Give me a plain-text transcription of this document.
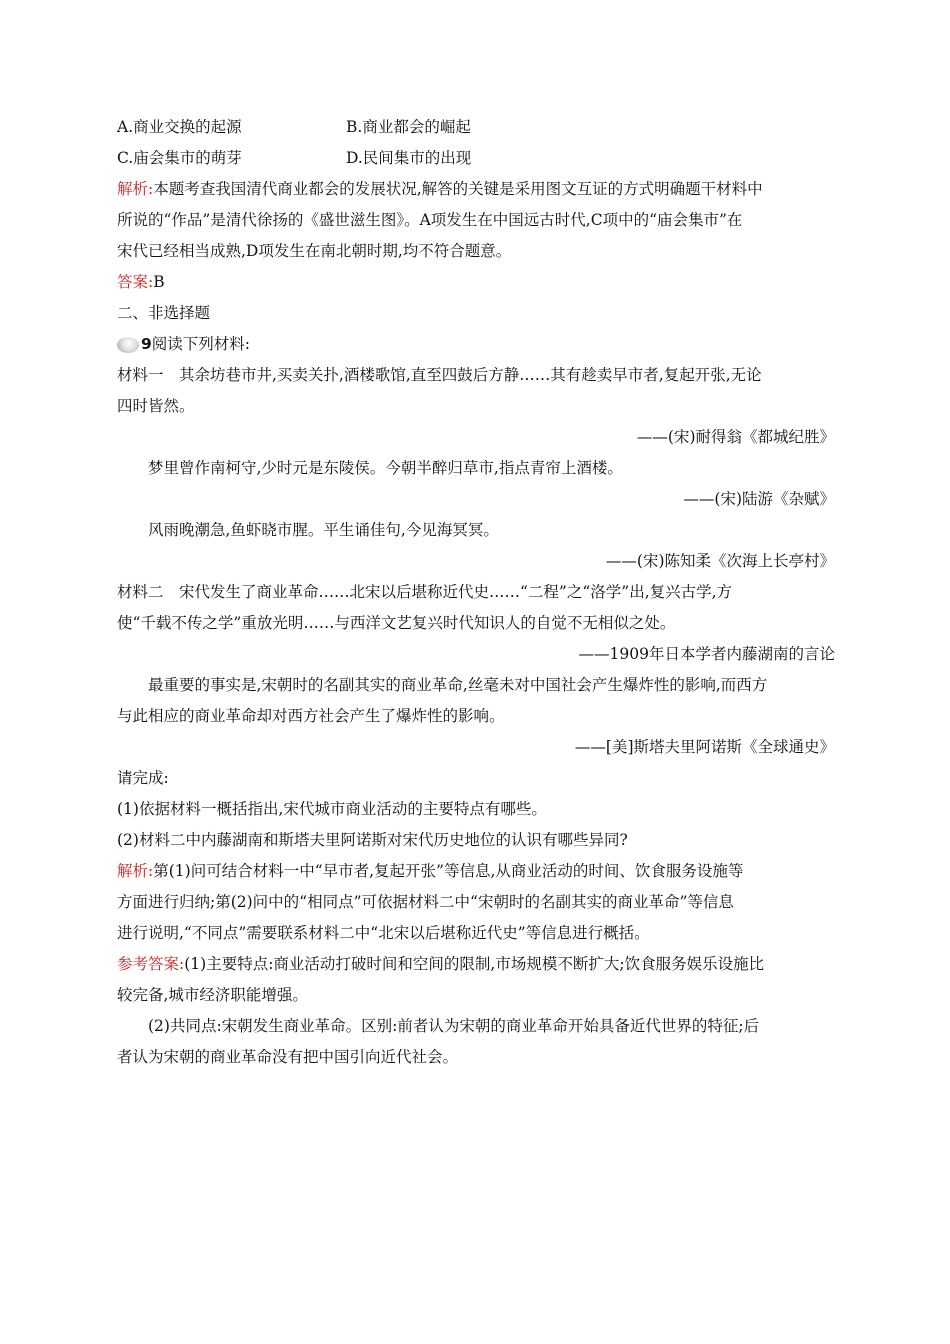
A.商业交换的起源	B.商业都会的崛起
C.庙会集市的萌芽	D.民间集市的出现
解析:本题考查我国清代商业都会的发展状况,解答的关键是采用图文互证的方式明确题干材料中
所说的“作品”是清代徐扬的《盛世滋生图》。A项发生在中国远古时代,C项中的“庙会集市”在
宋代已经相当成熟,D项发生在南北朝时期,均不符合题意。
答案:B
二、非选择题
9 阅读下列材料:
材料一　其余坊巷市井,买卖关扑,酒楼歌馆,直至四鼓后方静……其有趁卖早市者,复起开张,无论
四时皆然。
——(宋)耐得翁《都城纪胜》
梦里曾作南柯守,少时元是东陵侯。今朝半醉归草市,指点青帘上酒楼。
——(宋)陆游《杂赋》
风雨晚潮急,鱼虾晓市腥。平生诵佳句,今见海冥冥。
——(宋)陈知柔《次海上长亭村》
材料二　宋代发生了商业革命……北宋以后堪称近代史……“二程”之“洛学”出,复兴古学,方
使“千载不传之学”重放光明……与西洋文艺复兴时代知识人的自觉不无相似之处。
——1909年日本学者内藤湖南的言论
最重要的事实是,宋朝时的名副其实的商业革命,丝毫未对中国社会产生爆炸性的影响,而西方
与此相应的商业革命却对西方社会产生了爆炸性的影响。
——[美]斯塔夫里阿诺斯《全球通史》
请完成:
(1)依据材料一概括指出,宋代城市商业活动的主要特点有哪些。
(2)材料二中内藤湖南和斯塔夫里阿诺斯对宋代历史地位的认识有哪些异同?
解析:第(1)问可结合材料一中“早市者,复起开张”等信息,从商业活动的时间、饮食服务设施等
方面进行归纳;第(2)问中的“相同点”可依据材料二中“宋朝时的名副其实的商业革命”等信息
进行说明,“不同点”需要联系材料二中“北宋以后堪称近代史”等信息进行概括。
参考答案:(1)主要特点:商业活动打破时间和空间的限制,市场规模不断扩大;饮食服务娱乐设施比
较完备,城市经济职能增强。
(2)共同点:宋朝发生商业革命。区别:前者认为宋朝的商业革命开始具备近代世界的特征;后
者认为宋朝的商业革命没有把中国引向近代社会。
